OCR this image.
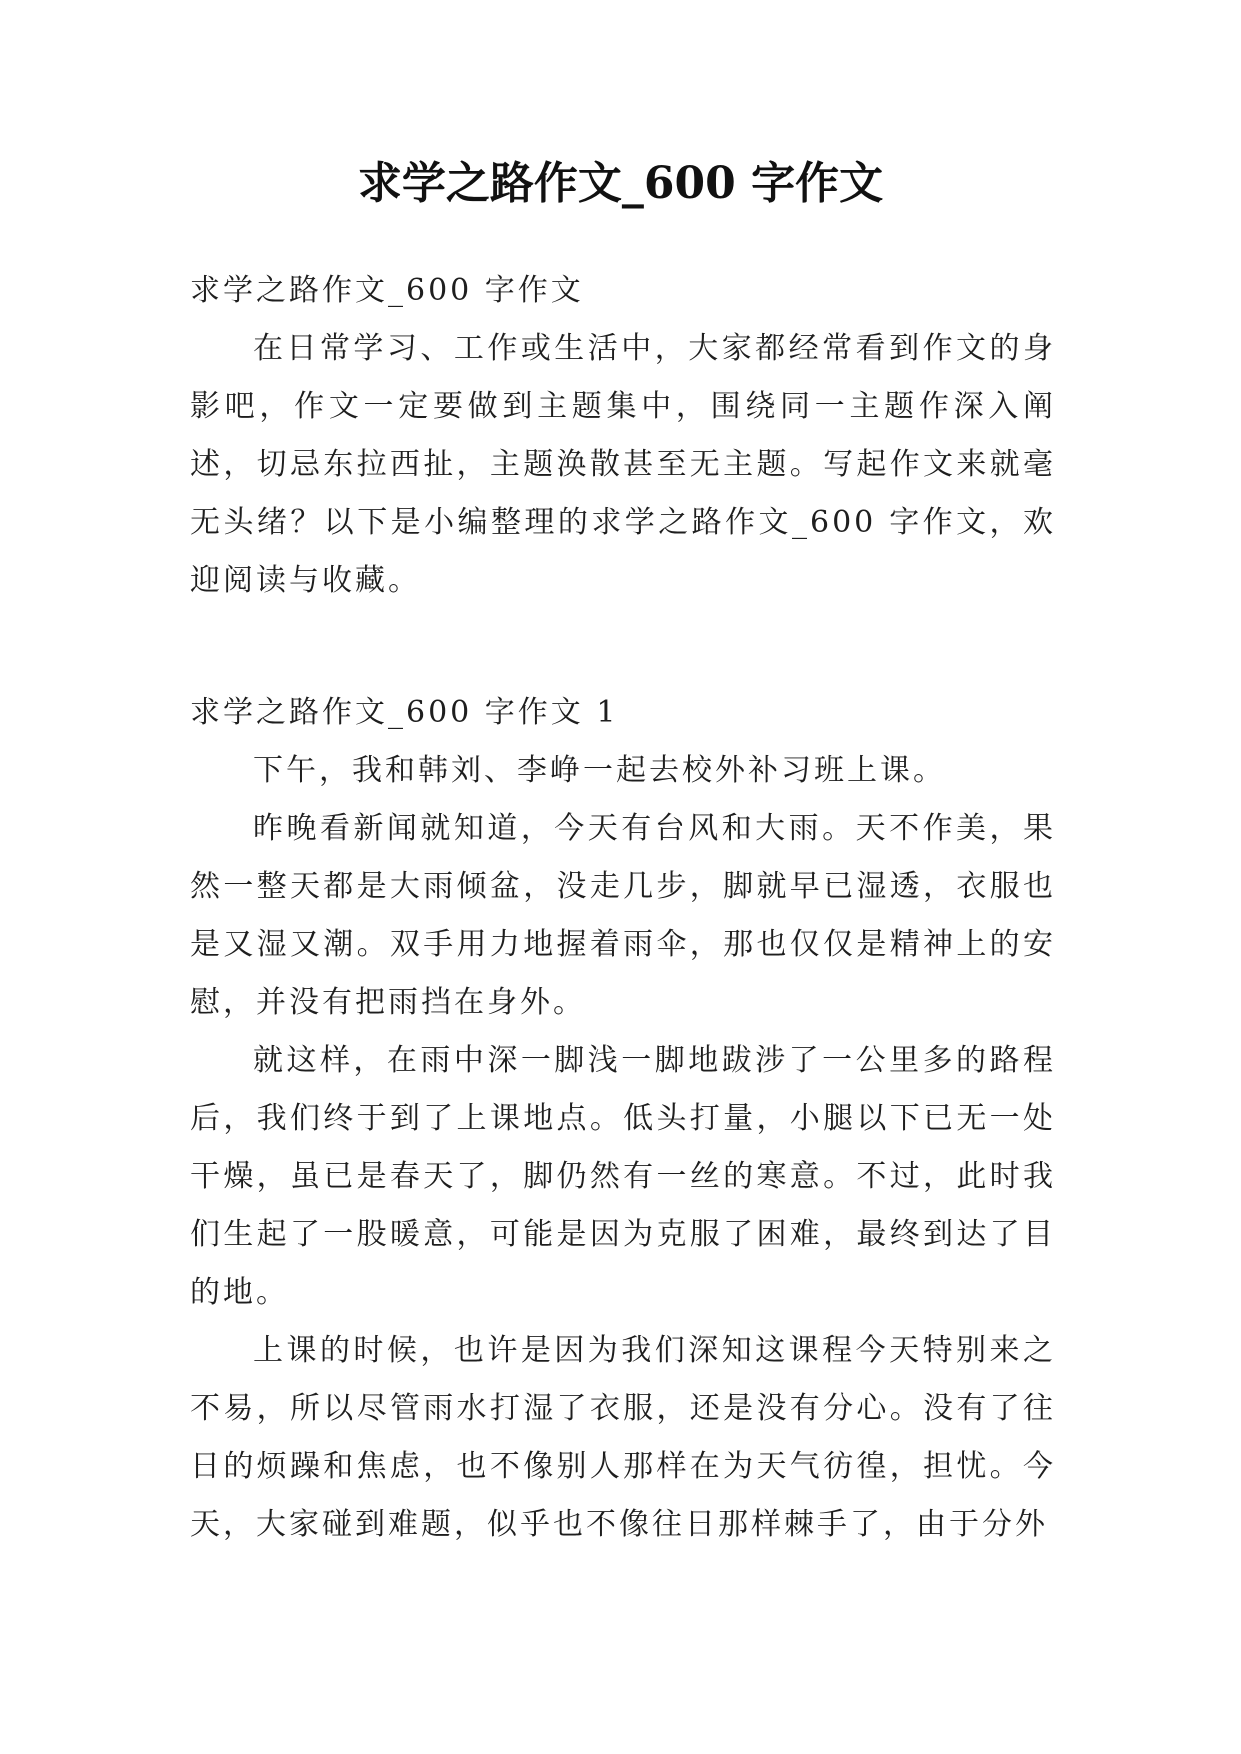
求学之路作文_600 字作文

求学之路作文_600 字作文

在日常学习、工作或生活中，大家都经常看到作文的身影吧，作文一定要做到主题集中，围绕同一主题作深入阐述，切忌东拉西扯，主题涣散甚至无主题。写起作文来就毫无头绪？以下是小编整理的求学之路作文_600 字作文，欢迎阅读与收藏。

求学之路作文_600 字作文 1

下午，我和韩刘、李峥一起去校外补习班上课。

昨晚看新闻就知道，今天有台风和大雨。天不作美，果然一整天都是大雨倾盆，没走几步，脚就早已湿透，衣服也是又湿又潮。双手用力地握着雨伞，那也仅仅是精神上的安慰，并没有把雨挡在身外。

就这样，在雨中深一脚浅一脚地跋涉了一公里多的路程后，我们终于到了上课地点。低头打量，小腿以下已无一处干燥，虽已是春天了，脚仍然有一丝的寒意。不过，此时我们生起了一股暖意，可能是因为克服了困难，最终到达了目的地。

上课的时候，也许是因为我们深知这课程今天特别来之不易，所以尽管雨水打湿了衣服，还是没有分心。没有了往日的烦躁和焦虑，也不像别人那样在为天气彷徨，担忧。今天，大家碰到难题，似乎也不像往日那样棘手了，由于分外
